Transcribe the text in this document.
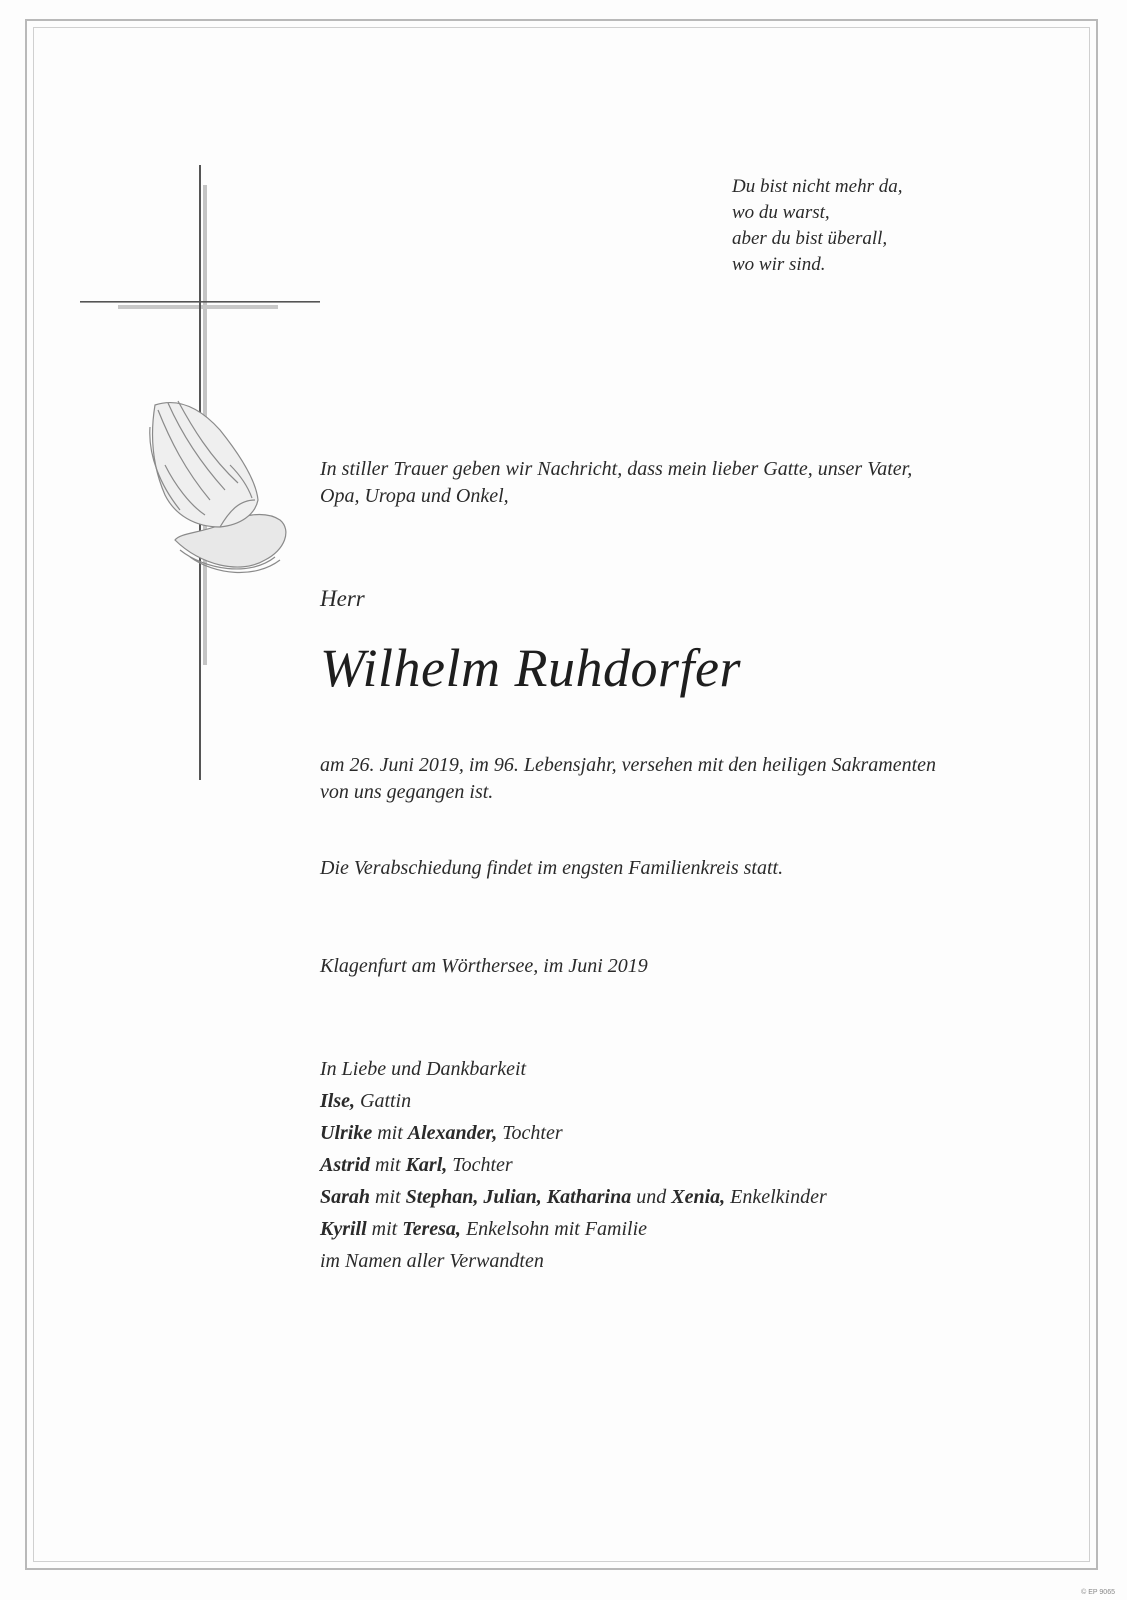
Du bist nicht mehr da,
wo du warst,
aber du bist überall,
wo wir sind.
In stiller Trauer geben wir Nachricht, dass mein lieber Gatte, unser Vater,
Opa, Uropa und Onkel,
Herr
Wilhelm Ruhdorfer
am 26. Juni 2019, im 96. Lebensjahr, versehen mit den heiligen Sakramenten
von uns gegangen ist.
Die Verabschiedung findet im engsten Familienkreis statt.
Klagenfurt am Wörthersee, im Juni 2019
In Liebe und Dankbarkeit
Ilse, Gattin
Ulrike mit Alexander, Tochter
Astrid mit Karl, Tochter
Sarah mit Stephan, Julian, Katharina und Xenia, Enkelkinder
Kyrill mit Teresa, Enkelsohn mit Familie
im Namen aller Verwandten
© EP 9065
